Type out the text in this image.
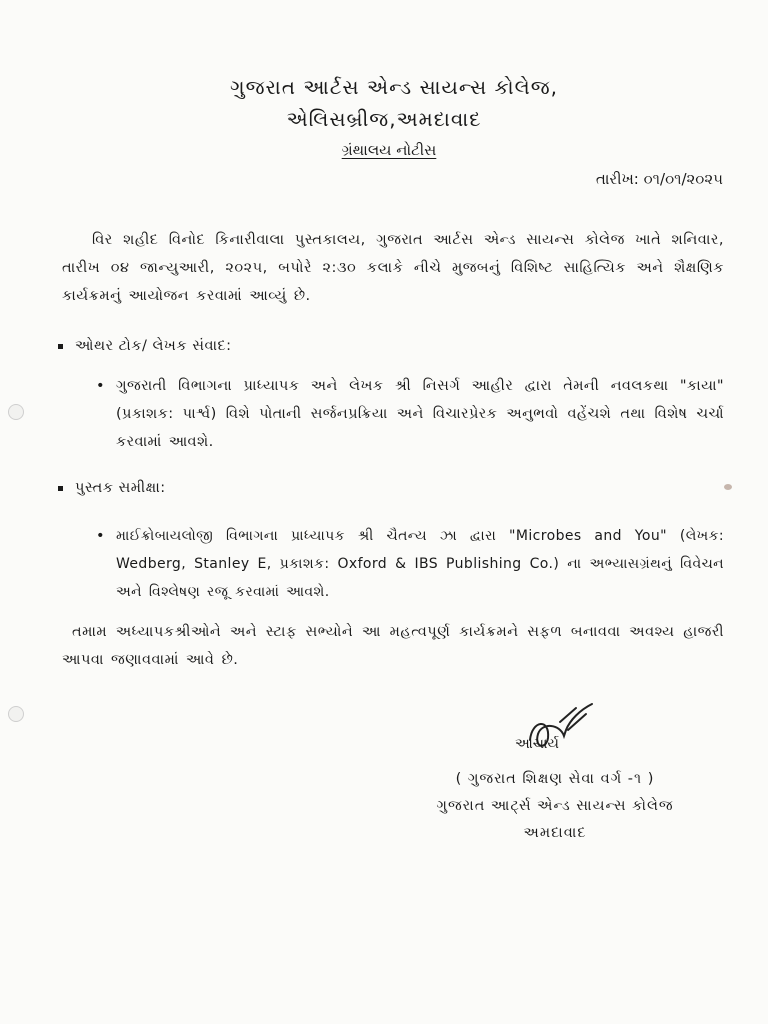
ગુજરાત આર્ટસ એન્ડ સાયન્સ કોલેજ,
એલિસબ્રીજ,અમદાવાદ
ગ્રંથાલય નોટીસ
તારીખ: ૦૧/૦૧/૨૦૨૫
વિર શહીદ વિનોદ કિનારીવાલા પુસ્તકાલય, ગુજરાત આર્ટસ એન્ડ સાયન્સ કોલેજ ખાતે શનિવાર, તારીખ ૦૪ જાન્યુઆરી, ૨૦૨૫, બપોરે ૨:૩૦ કલાકે નીચે મુજબનું વિશિષ્ટ સાહિત્યિક અને શૈક્ષણિક કાર્યક્રમનું આયોજન કરવામાં આવ્યું છે.
ઓથર ટોક/ લેખક સંવાદ:
• ગુજરાતી વિભાગના પ્રાધ્યાપક અને લેખક શ્રી નિસર્ગ આહીર દ્વારા તેમની નવલકથા "કાયા" (પ્રકાશક: પાર્શ્વ) વિશે પોતાની સર્જનપ્રક્રિયા અને વિચારપ્રેરક અનુભવો વહેંચશે તથા વિશેષ ચર્ચા કરવામાં આવશે.
પુસ્તક સમીક્ષા:
• માઈક્રોબાયલોજી વિભાગના પ્રાધ્યાપક શ્રી ચૈતન્ય ઝા દ્વારા "Microbes and You" (લેખક: Wedberg, Stanley E, પ્રકાશક: Oxford & IBS Publishing Co.) ના અભ્યાસગ્રંથનું વિવેચન અને વિશ્લેષણ રજૂ કરવામાં આવશે.
તમામ અધ્યાપકશ્રીઓને અને સ્ટાફ સભ્યોને આ મહત્વપૂર્ણ કાર્યક્રમને સફળ બનાવવા અવશ્ય હાજરી આપવા જણાવવામાં આવે છે.
આચાર્ય
( ગુજરાત શિક્ષણ સેવા વર્ગ -૧ )
ગુજરાત આર્ટ્સ એન્ડ સાયન્સ કોલેજ
અમદાવાદ
